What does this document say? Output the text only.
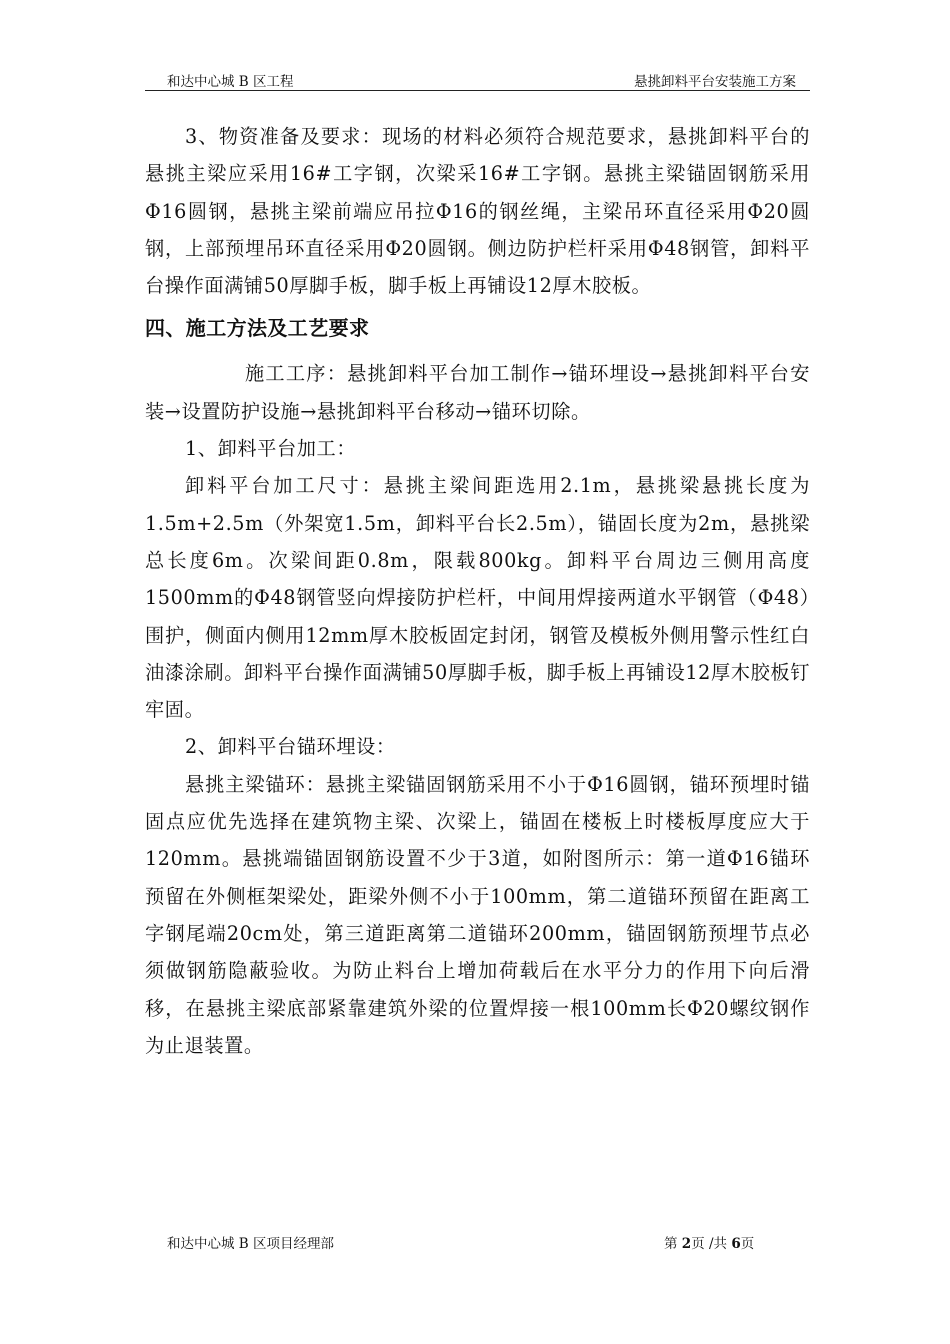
和达中心城 B 区工程	悬挑卸料平台安装施工方案

3、物资准备及要求：现场的材料必须符合规范要求，悬挑卸料平台的悬挑主梁应采用16#工字钢，次梁采16#工字钢。悬挑主梁锚固钢筋采用Φ16圆钢，悬挑主梁前端应吊拉Φ16的钢丝绳，主梁吊环直径采用Φ20圆钢，上部预埋吊环直径采用Φ20圆钢。侧边防护栏杆采用Φ48钢管，卸料平台操作面满铺50厚脚手板，脚手板上再铺设12厚木胶板。

四、施工方法及工艺要求

施工工序：悬挑卸料平台加工制作→锚环埋设→悬挑卸料平台安装→设置防护设施→悬挑卸料平台移动→锚环切除。

1、卸料平台加工：

卸料平台加工尺寸：悬挑主梁间距选用2.1m，悬挑梁悬挑长度为1.5m+2.5m（外架宽1.5m，卸料平台长2.5m），锚固长度为2m，悬挑梁总长度6m。次梁间距0.8m，限载800kg。卸料平台周边三侧用高度1500mm的Φ48钢管竖向焊接防护栏杆，中间用焊接两道水平钢管（Φ48）围护，侧面内侧用12mm厚木胶板固定封闭，钢管及模板外侧用警示性红白油漆涂刷。卸料平台操作面满铺50厚脚手板，脚手板上再铺设12厚木胶板钉牢固。

2、卸料平台锚环埋设：

悬挑主梁锚环：悬挑主梁锚固钢筋采用不小于Φ16圆钢，锚环预埋时锚固点应优先选择在建筑物主梁、次梁上，锚固在楼板上时楼板厚度应大于120mm。悬挑端锚固钢筋设置不少于3道，如附图所示：第一道Φ16锚环预留在外侧框架梁处，距梁外侧不小于100mm，第二道锚环预留在距离工字钢尾端20cm处，第三道距离第二道锚环200mm，锚固钢筋预埋节点必须做钢筋隐蔽验收。为防止料台上增加荷载后在水平分力的作用下向后滑移，在悬挑主梁底部紧靠建筑外梁的位置焊接一根100mm长Φ20螺纹钢作为止退装置。

和达中心城 B 区项目经理部	第 2页 /共 6页
